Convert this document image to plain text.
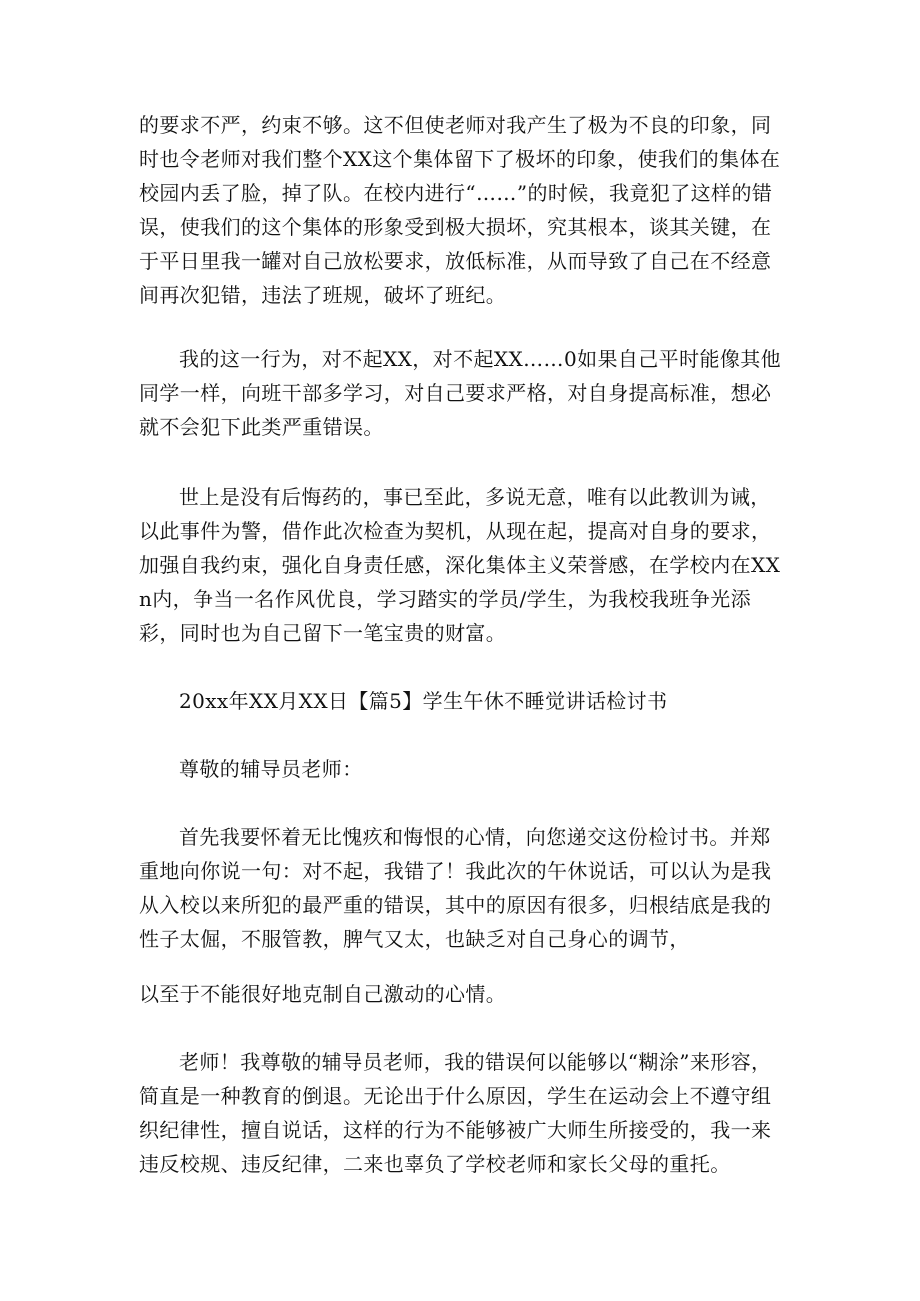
的要求不严，约束不够。这不但使老师对我产生了极为不良的印象，同时也令老师对我们整个XX这个集体留下了极坏的印象，使我们的集体在校园内丢了脸，掉了队。在校内进行“……”的时候，我竟犯了这样的错误，使我们的这个集体的形象受到极大损坏，究其根本，谈其关键，在于平日里我一罐对自己放松要求，放低标准，从而导致了自己在不经意间再次犯错，违法了班规，破坏了班纪。

我的这一行为，对不起XX，对不起XX……0如果自己平时能像其他同学一样，向班干部多学习，对自己要求严格，对自身提高标准，想必就不会犯下此类严重错误。

世上是没有后悔药的，事已至此，多说无意，唯有以此教训为诫，以此事件为警，借作此次检查为契机，从现在起，提高对自身的要求，加强自我约束，强化自身责任感，深化集体主义荣誉感，在学校内在XXn内，争当一名作风优良，学习踏实的学员/学生，为我校我班争光添彩，同时也为自己留下一笔宝贵的财富。

20xx年XX月XX日【篇5】学生午休不睡觉讲话检讨书

尊敬的辅导员老师：

首先我要怀着无比愧疚和悔恨的心情，向您递交这份检讨书。并郑重地向你说一句：对不起，我错了！我此次的午休说话，可以认为是我从入校以来所犯的最严重的错误，其中的原因有很多，归根结底是我的性子太倔，不服管教，脾气又太，也缺乏对自己身心的调节，

以至于不能很好地克制自己激动的心情。

老师！我尊敬的辅导员老师，我的错误何以能够以“糊涂”来形容，简直是一种教育的倒退。无论出于什么原因，学生在运动会上不遵守组织纪律性，擅自说话，这样的行为不能够被广大师生所接受的，我一来违反校规、违反纪律，二来也辜负了学校老师和家长父母的重托。
